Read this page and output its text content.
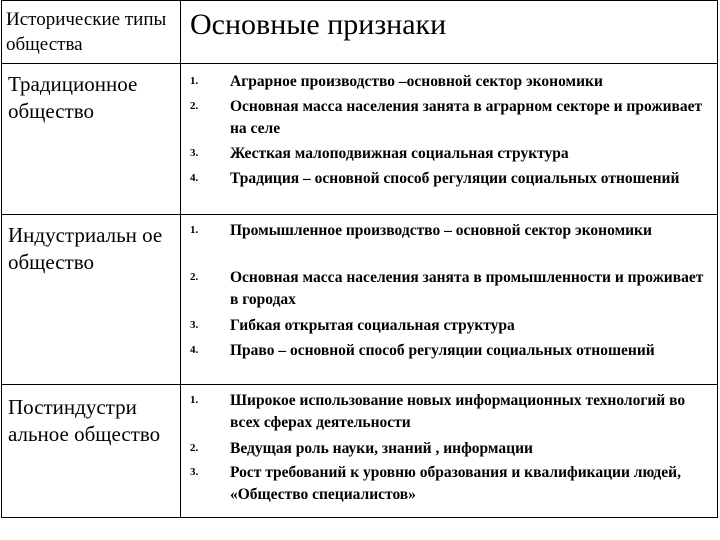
Исторические типы общества
Основные признаки
Традиционное общество
1.	Аграрное производство –основной сектор экономики
2.	Основная масса населения занята в аграрном секторе и проживает на селе
3.	Жесткая малоподвижная социальная структура
4.	Традиция – основной способ регуляции социальных отношений
Индустриальн ое общество
1.	Промышленное производство – основной сектор экономики
2.	Основная масса населения занята в промышленности и проживает в городах
3.	Гибкая открытая социальная структура
4.	Право – основной способ регуляции социальных отношений
Постиндустри альное общество
1.	Широкое использование новых информационных технологий во всех сферах деятельности
2.	Ведущая роль науки, знаний , информации
3.	Рост требований к уровню образования и квалификации людей, «Общество специалистов»
